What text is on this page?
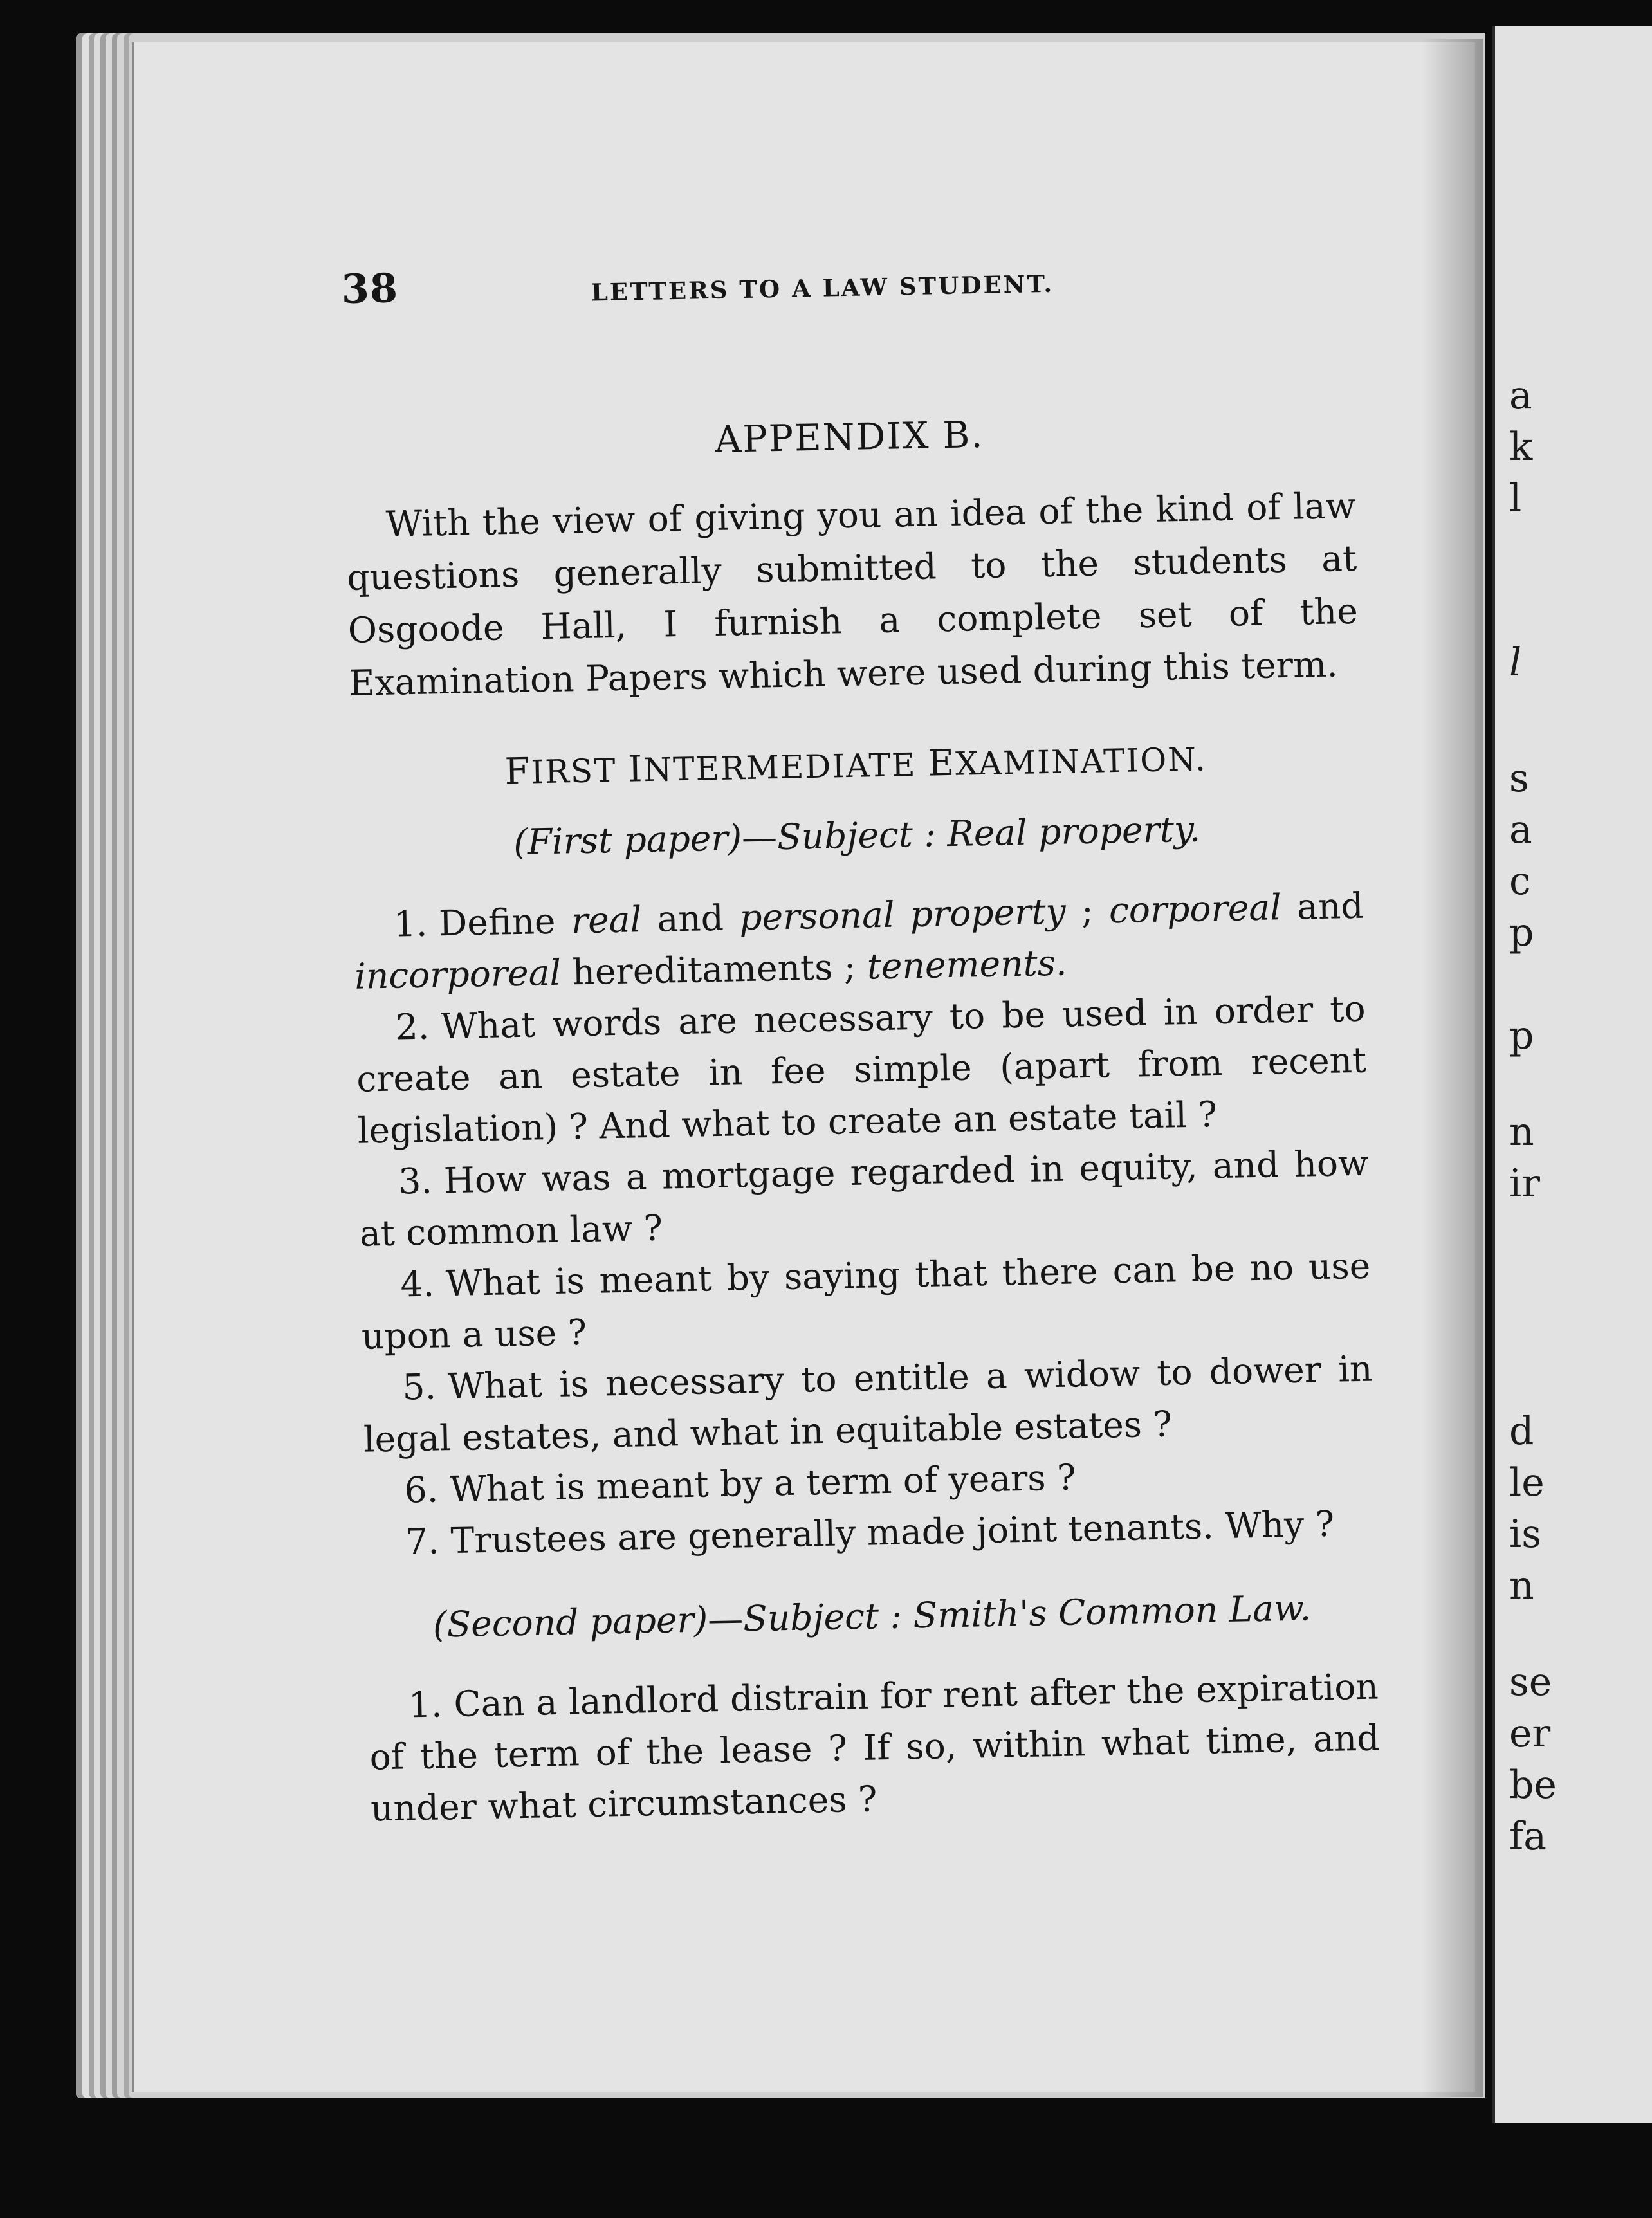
a
k
l
l
s
a
c
p
p
n
ir
d
le
is
n
se
er
be
fa
38	LETTERS TO A LAW STUDENT.
APPENDIX B.

With the view of giving you an idea of the kind of law questions generally submitted to the students at Osgoode Hall, I furnish a complete set of the Examination Papers which were used during this term.

FIRST INTERMEDIATE EXAMINATION.
(First paper)—Subject : Real property.

1. Define real and personal property ; corporeal and incorporeal hereditaments ; tenements.

2. What words are necessary to be used in order to create an estate in fee simple (apart from recent legislation) ? And what to create an estate tail ?

3. How was a mortgage regarded in equity, and how at common law ?

4. What is meant by saying that there can be no use upon a use ?

5. What is necessary to entitle a widow to dower in legal estates, and what in equitable estates ?

6. What is meant by a term of years ?

7. Trustees are generally made joint tenants. Why ?

(Second paper)—Subject : Smith's Common Law.

1. Can a landlord distrain for rent after the expiration of the term of the lease ? If so, within what time, and under what circumstances ?
